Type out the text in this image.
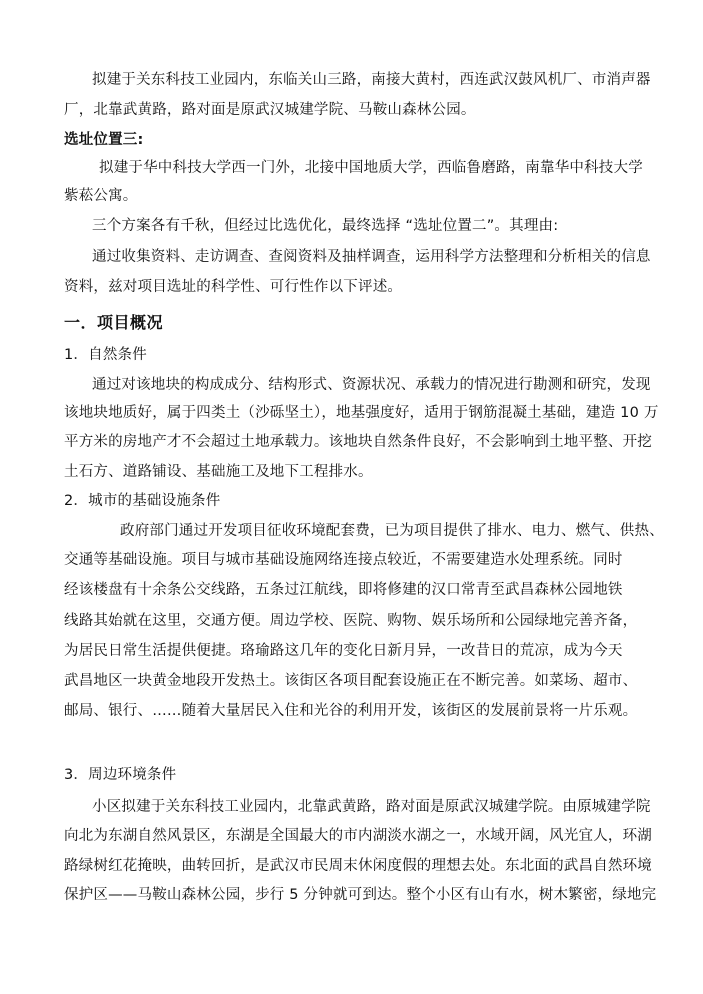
拟建于关东科技工业园内，东临关山三路，南接大黄村，西连武汉鼓风机厂、市消声器
厂，北靠武黄路，路对面是原武汉城建学院、马鞍山森林公园。
选址位置三:
拟建于华中科技大学西一门外，北接中国地质大学，西临鲁磨路，南靠华中科技大学
紫菘公寓。
三个方案各有千秋，但经过比选优化，最终选择 “选址位置二”。其理由:
通过收集资料、走访调查、查阅资料及抽样调查，运用科学方法整理和分析相关的信息
资料，兹对项目选址的科学性、可行性作以下评述。
一．项目概况
1．自然条件
通过对该地块的构成成分、结构形式、资源状况、承载力的情况进行勘测和研究，发现
该地块地质好，属于四类土（沙砾坚土），地基强度好，适用于钢筋混凝土基础，建造 10 万
平方米的房地产才不会超过土地承载力。该地块自然条件良好，不会影响到土地平整、开挖
土石方、道路铺设、基础施工及地下工程排水。
2．城市的基础设施条件
政府部门通过开发项目征收环境配套费，已为项目提供了排水、电力、燃气、供热、
交通等基础设施。项目与城市基础设施网络连接点较近，不需要建造水处理系统。同时
经该楼盘有十余条公交线路，五条过江航线，即将修建的汉口常青至武昌森林公园地铁
线路其始就在这里，交通方便。周边学校、医院、购物、娱乐场所和公园绿地完善齐备，
为居民日常生活提供便捷。珞瑜路这几年的变化日新月异，一改昔日的荒凉，成为今天
武昌地区一块黄金地段开发热土。该街区各项目配套设施正在不断完善。如菜场、超市、
邮局、银行、……随着大量居民入住和光谷的利用开发，该街区的发展前景将一片乐观。
3．周边环境条件
小区拟建于关东科技工业园内，北靠武黄路，路对面是原武汉城建学院。由原城建学院
向北为东湖自然风景区，东湖是全国最大的市内湖淡水湖之一，水域开阔，风光宜人，环湖
路绿树红花掩映，曲转回折，是武汉市民周末休闲度假的理想去处。东北面的武昌自然环境
保护区——马鞍山森林公园，步行 5 分钟就可到达。整个小区有山有水，树木繁密，绿地完
